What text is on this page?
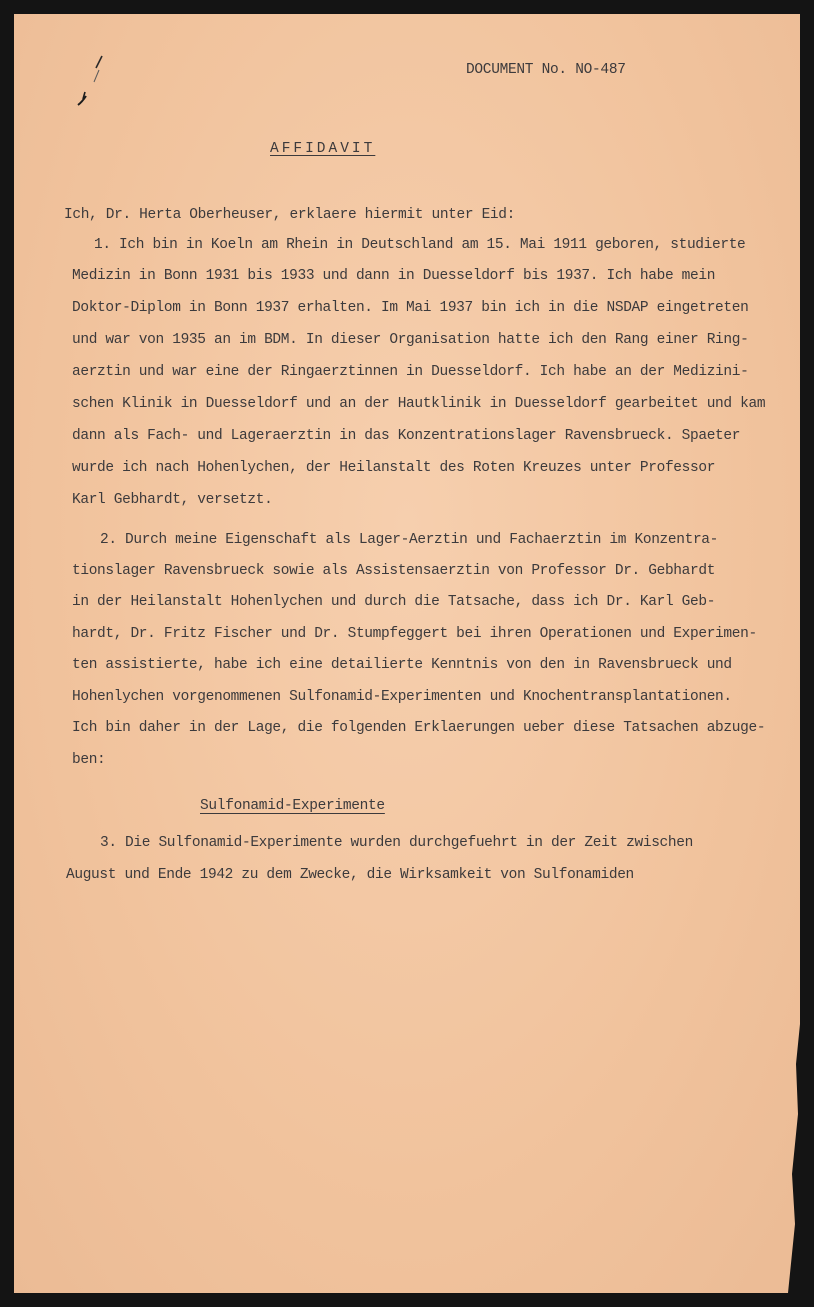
DOCUMENT No. NO-487
AFFIDAVIT
Ich, Dr. Herta Oberheuser, erklaere hiermit unter Eid:
1. Ich bin in Koeln am Rhein in Deutschland am 15. Mai 1911 geboren, studierte
Medizin in Bonn 1931 bis 1933 und dann in Duesseldorf bis 1937. Ich habe mein
Doktor-Diplom in Bonn 1937 erhalten. Im Mai 1937 bin ich in die NSDAP eingetreten
und war von 1935 an im BDM. In dieser Organisation hatte ich den Rang einer Ring-
aerztin und war eine der Ringaerztinnen in Duesseldorf. Ich habe an der Medizini-
schen Klinik in Duesseldorf und an der Hautklinik in Duesseldorf gearbeitet und kam
dann als Fach- und Lageraerztin in das Konzentrationslager Ravensbrueck. Spaeter
wurde ich nach Hohenlychen, der Heilanstalt des Roten Kreuzes unter Professor
Karl Gebhardt, versetzt.
2. Durch meine Eigenschaft als Lager-Aerztin und Fachaerztin im Konzentra-
tionslager Ravensbrueck sowie als Assistensaerztin von Professor Dr. Gebhardt
in der Heilanstalt Hohenlychen und durch die Tatsache, dass ich Dr. Karl Geb-
hardt, Dr. Fritz Fischer und Dr. Stumpfeggert bei ihren Operationen und Experimen-
ten assistierte, habe ich eine detailierte Kenntnis von den in Ravensbrueck und
Hohenlychen vorgenommenen Sulfonamid-Experimenten und Knochentransplantationen.
Ich bin daher in der Lage, die folgenden Erklaerungen ueber diese Tatsachen abzuge-
ben:
Sulfonamid-Experimente
3. Die Sulfonamid-Experimente wurden durchgefuehrt in der Zeit zwischen
August und Ende 1942 zu dem Zwecke, die Wirksamkeit von Sulfonamiden
